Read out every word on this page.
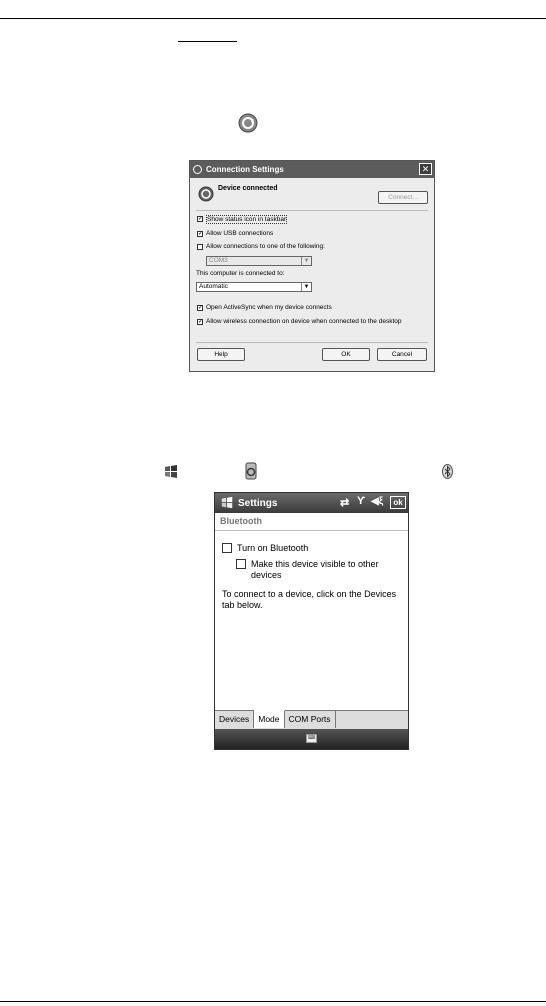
Connection Settings	✕
Device connected
Connect...
✓ Show status icon in taskbar
✓ Allow USB connections
Allow connections to one of the following:
COM3	▼
This computer is connected to:
Automatic	▼
✓ Open ActiveSync when my device connects
✓ Allow wireless connection on device when connected to the desktop
Help	OK	Cancel
Settings	⇄ Ƴ ◀ξ	ok
Bluetooth
Turn on Bluetooth
Make this device visible to other devices
To connect to a device, click on the Devices tab below.
Devices	Mode	COM Ports
⌨
